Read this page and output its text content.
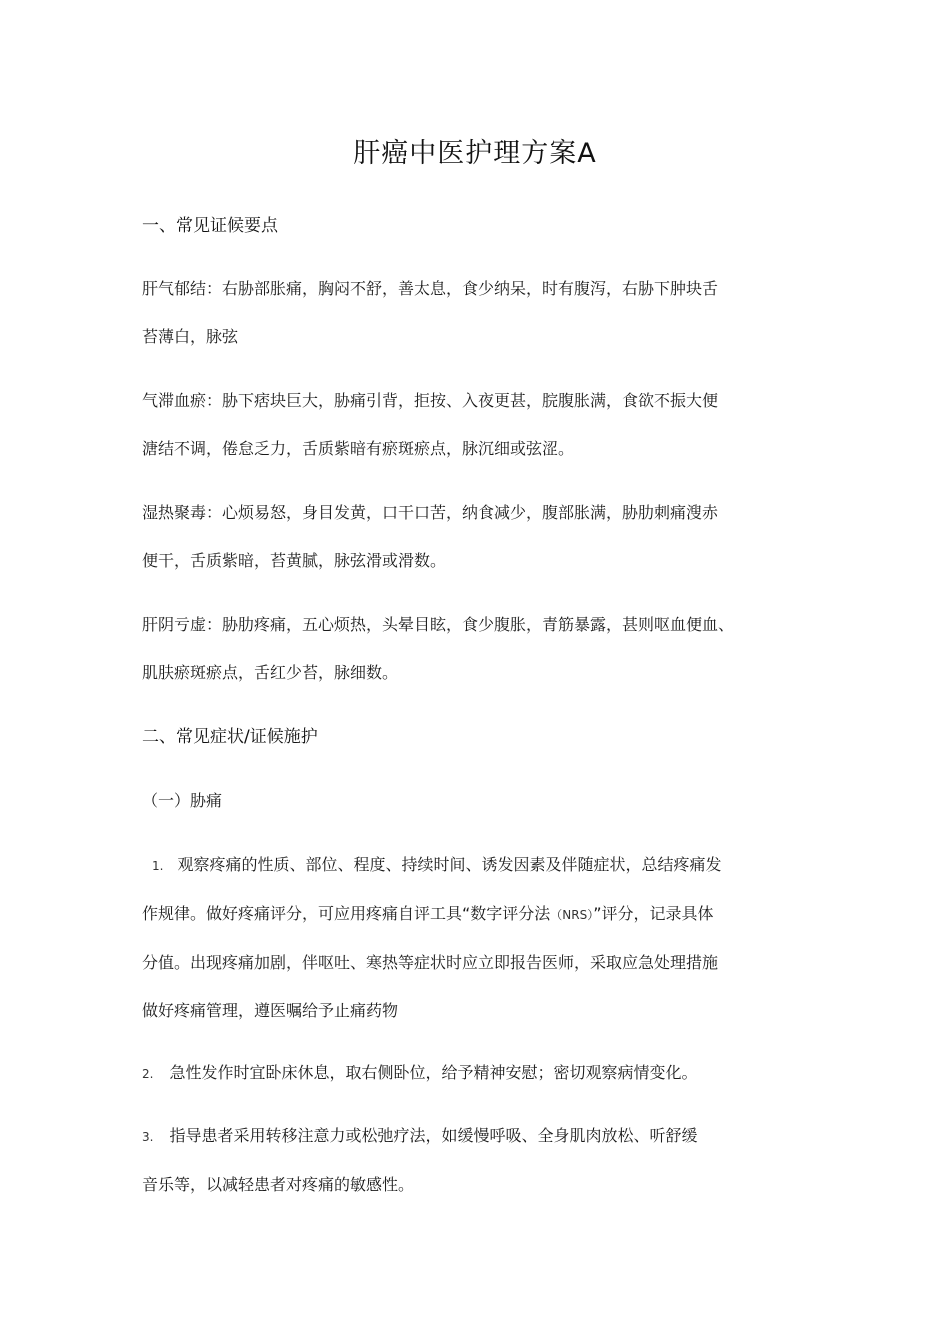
肝癌中医护理方案A
一、常见证候要点
肝气郁结：右胁部胀痛，胸闷不舒，善太息，食少纳呆，时有腹泻，右胁下肿块舌
苔薄白，脉弦
气滞血瘀：胁下痞块巨大，胁痛引背，拒按、入夜更甚，脘腹胀满，食欲不振大便
溏结不调，倦怠乏力，舌质紫暗有瘀斑瘀点，脉沉细或弦涩。
湿热聚毒：心烦易怒，身目发黄，口干口苦，纳食减少，腹部胀满，胁肋刺痛溲赤
便干，舌质紫暗，苔黄腻，脉弦滑或滑数。
肝阴亏虚：胁肋疼痛，五心烦热，头晕目眩，食少腹胀，青筋暴露，甚则呕血便血、
肌肤瘀斑瘀点，舌红少苔，脉细数。
二、常见症状/证候施护
（一）胁痛
1. 观察疼痛的性质、部位、程度、持续时间、诱发因素及伴随症状，总结疼痛发
作规律。做好疼痛评分，可应用疼痛自评工具“数字评分法（NRS）”评分，记录具体
分值。出现疼痛加剧，伴呕吐、寒热等症状时应立即报告医师，采取应急处理措施
做好疼痛管理，遵医嘱给予止痛药物
2. 急性发作时宜卧床休息，取右侧卧位，给予精神安慰；密切观察病情变化。
3. 指导患者采用转移注意力或松弛疗法，如缓慢呼吸、全身肌肉放松、听舒缓
音乐等，以减轻患者对疼痛的敏感性。
